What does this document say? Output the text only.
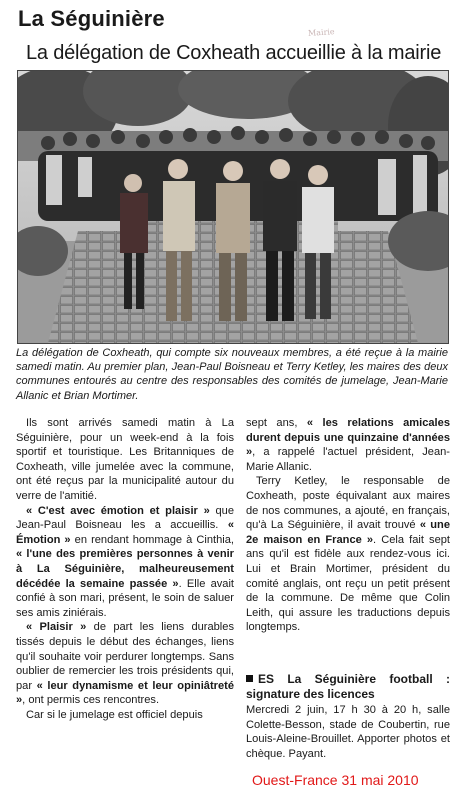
La Séguinière
Mairie
La délégation de Coxheath accueillie à la mairie
La délégation de Coxheath, qui compte six nouveaux membres, a été reçue à la mairie samedi matin. Au premier plan, Jean-Paul Boisneau et Terry Ketley, les maires des deux communes entourés au centre des responsables des comités de jumelage, Jean-Marie Allanic et Brian Mortimer.

Ils sont arrivés samedi matin à La Séguinière, pour un week-end à la fois sportif et touristique. Les Britanniques de Coxheath, ville jumelée avec la commune, ont été reçus par la municipalité autour du verre de l'amitié.

« C'est avec émotion et plaisir » que Jean-Paul Boisneau les a accueillis. « Émotion » en rendant hommage à Cinthia, « l'une des premières personnes à venir à La Séguinière, malheureusement décédée la semaine passée ». Elle avait confié à son mari, présent, le soin de saluer ses amis ziniérais.

« Plaisir » de part les liens durables tissés depuis le début des échanges, liens qu'il souhaite voir perdurer longtemps. Sans oublier de remercier les trois présidents qui, par « leur dynamisme et leur opiniâtreté », ont permis ces rencontres.

Car si le jumelage est officiel depuis

sept ans, « les relations amicales durent depuis une quinzaine d'années », a rappelé l'actuel président, Jean-Marie Allanic.

Terry Ketley, le responsable de Coxheath, poste équivalant aux maires de nos communes, a ajouté, en français, qu'à La Séguinière, il avait trouvé « une 2e maison en France ». Cela fait sept ans qu'il est fidèle aux rendez-vous ici. Lui et Brain Mortimer, président du comité anglais, ont reçu un petit présent de la commune. De même que Colin Leith, qui assure les traductions depuis longtemps.

ES La Séguinière football : signature des licences
Mercredi 2 juin, 17 h 30 à 20 h, salle Colette-Besson, stade de Coubertin, rue Louis-Aleine-Brouillet. Apporter photos et chèque. Payant.
Ouest-France 31 mai 2010
